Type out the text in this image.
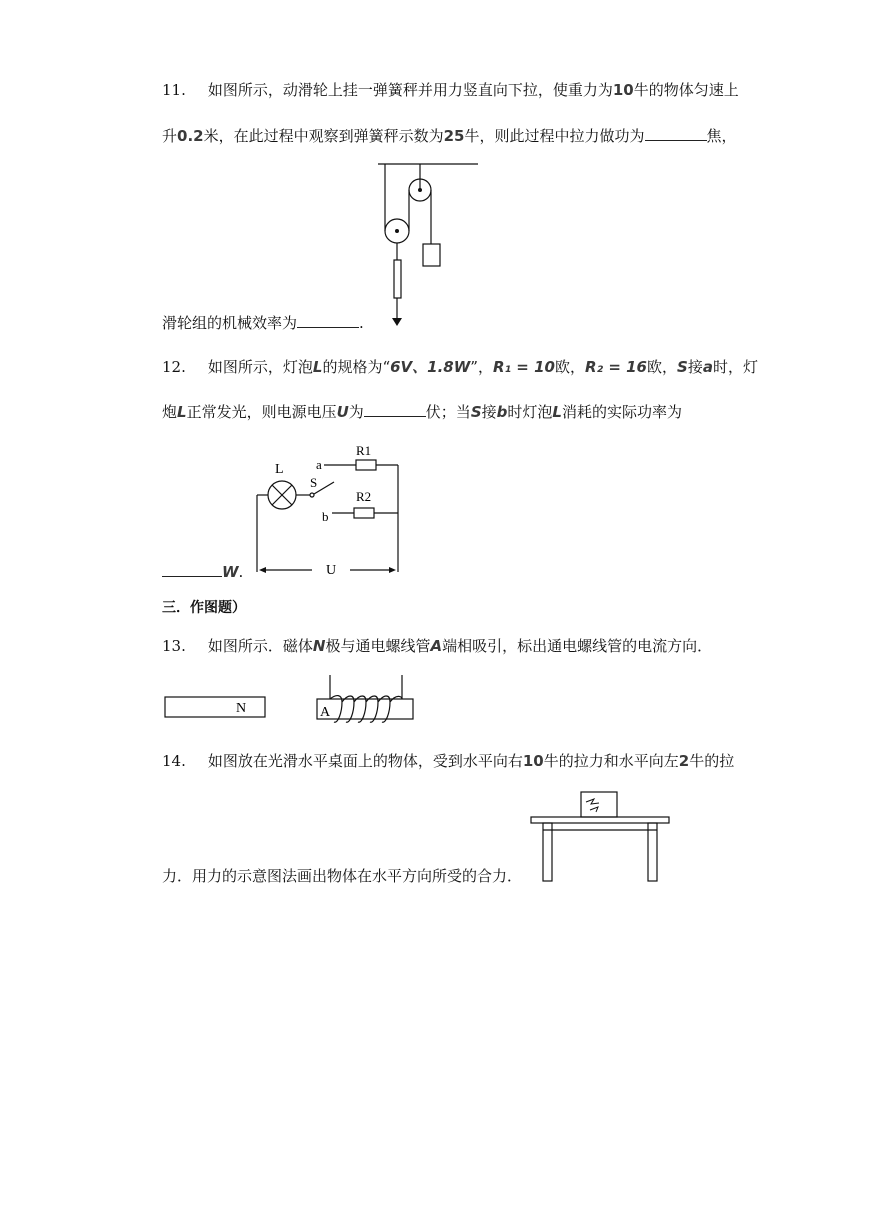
11. 如图所示，动滑轮上挂一弹簧秤并用力竖直向下拉，使重力为10牛的物体匀速上
升0.2米，在此过程中观察到弹簧秤示数为25牛，则此过程中拉力做功为	焦，
滑轮组的机械效率为	.
12. 如图所示，灯泡L的规格为“6V、1.8W”，R₁ = 10欧，R₂ = 16欧，S接a时，灯
炮L正常发光，则电源电压U为	伏；当S接b时灯泡L消耗的实际功率为
L
S
a
b
R1
R2
U
W.
三．作图题）
13. 如图所示．磁体N极与通电螺线管A端相吸引，标出通电螺线管的电流方向．
N	A
14. 如图放在光滑水平桌面上的物体，受到水平向右10牛的拉力和水平向左2牛的拉
力．用力的示意图法画出物体在水平方向所受的合力．
